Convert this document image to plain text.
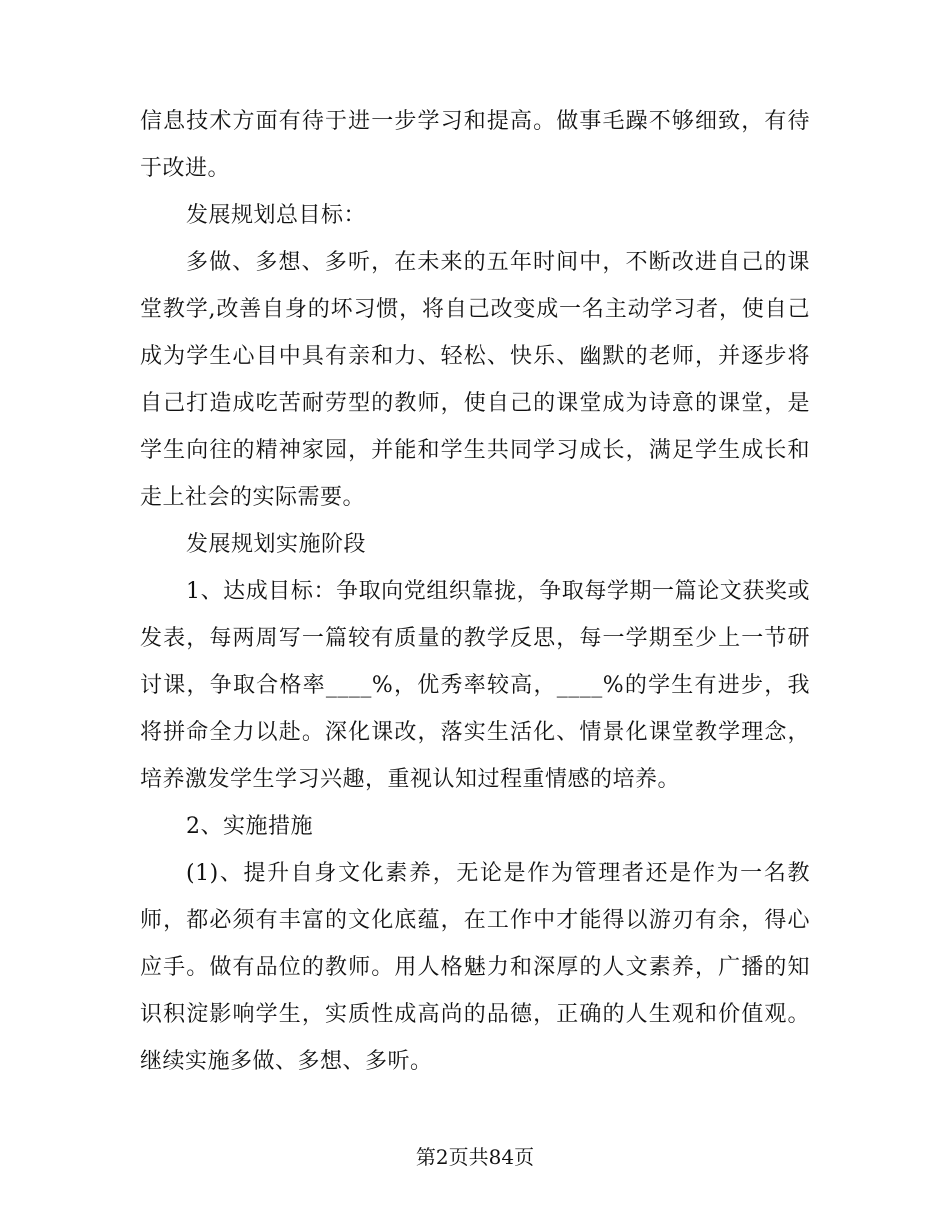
信息技术方面有待于进一步学习和提高。做事毛躁不够细致，有待于改进。

发展规划总目标：

多做、多想、多听，在未来的五年时间中，不断改进自己的课堂教学,改善自身的坏习惯，将自己改变成一名主动学习者，使自己成为学生心目中具有亲和力、轻松、快乐、幽默的老师，并逐步将自己打造成吃苦耐劳型的教师，使自己的课堂成为诗意的课堂，是学生向往的精神家园，并能和学生共同学习成长，满足学生成长和走上社会的实际需要。

发展规划实施阶段

1、达成目标：争取向党组织靠拢，争取每学期一篇论文获奖或发表，每两周写一篇较有质量的教学反思，每一学期至少上一节研讨课，争取合格率____%，优秀率较高，____%的学生有进步，我将拼命全力以赴。深化课改，落实生活化、情景化课堂教学理念，培养激发学生学习兴趣，重视认知过程重情感的培养。

2、实施措施

(1)、提升自身文化素养，无论是作为管理者还是作为一名教师，都必须有丰富的文化底蕴，在工作中才能得以游刃有余，得心应手。做有品位的教师。用人格魅力和深厚的人文素养，广播的知识积淀影响学生，实质性成高尚的品德，正确的人生观和价值观。继续实施多做、多想、多听。

第2页共84页
